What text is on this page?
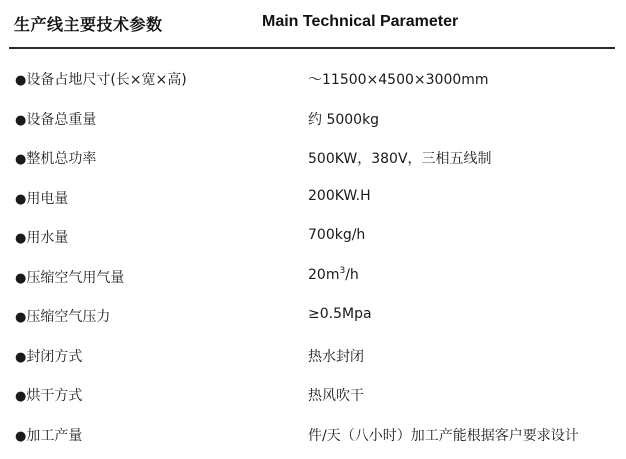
生产线主要技术参数	Main Technical Parameter
●设备占地尺寸(长×宽×高)	～11500×4500×3000mm
●设备总重量	约 5000kg
●整机总功率	500KW，380V，三相五线制
●用电量	200KW.H
●用水量	700kg/h
●压缩空气用气量	$20m^3/h$
●压缩空气压力	≥0.5Mpa
●封闭方式	热水封闭
●烘干方式	热风吹干
●加工产量	件/天（八小时）加工产能根据客户要求设计
